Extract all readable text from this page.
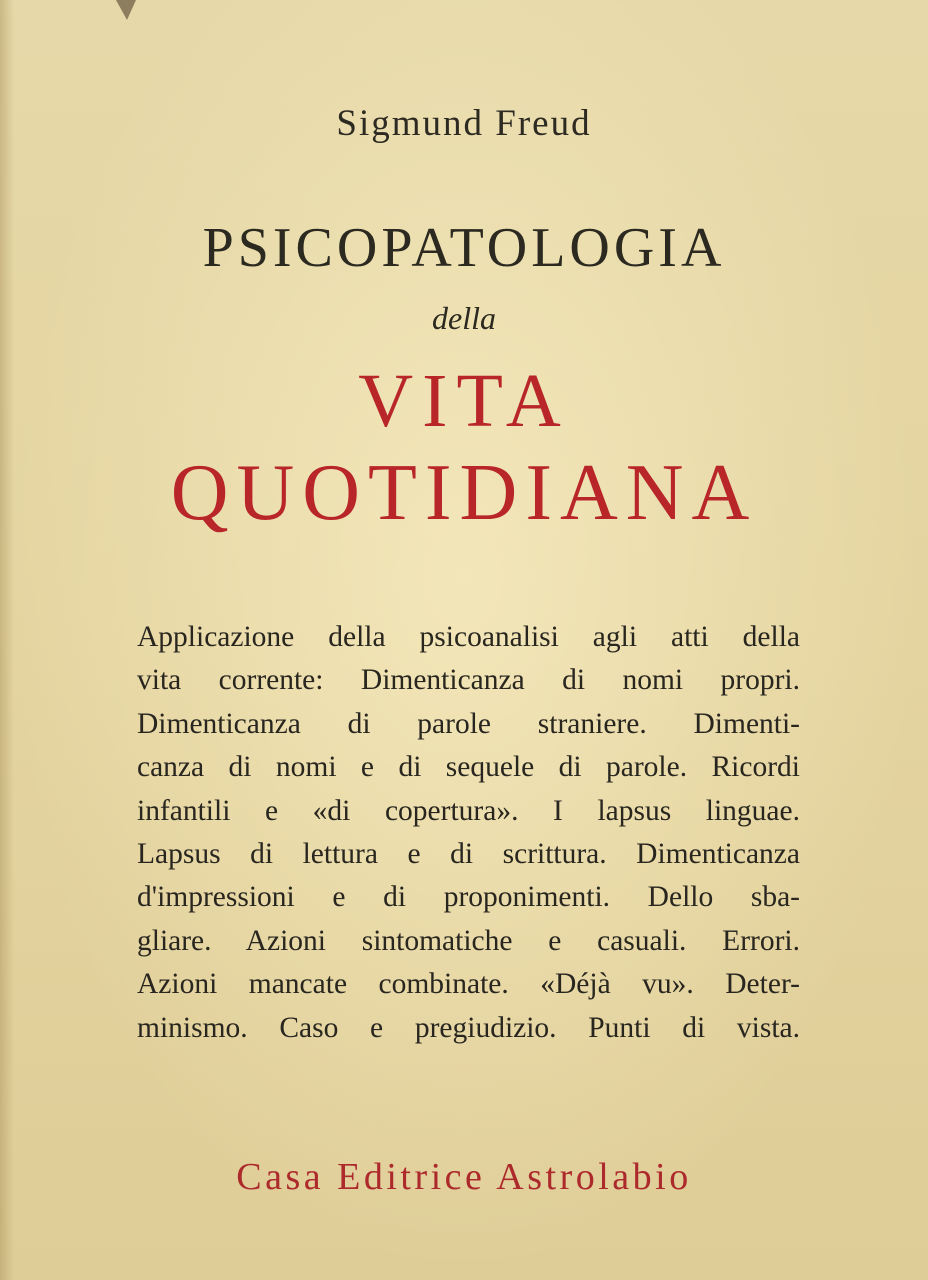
Sigmund Freud
PSICOPATOLOGIA
della
VITA
QUOTIDIANA
Applicazione della psicoanalisi agli atti della
vita corrente: Dimenticanza di nomi propri.
Dimenticanza di parole straniere. Dimenti-
canza di nomi e di sequele di parole. Ricordi
infantili e «di copertura». I lapsus linguae.
Lapsus di lettura e di scrittura. Dimenticanza
d'impressioni e di proponimenti. Dello sba-
gliare. Azioni sintomatiche e casuali. Errori.
Azioni mancate combinate. «Déjà vu». Deter-
minismo. Caso e pregiudizio. Punti di vista.
Casa Editrice Astrolabio
